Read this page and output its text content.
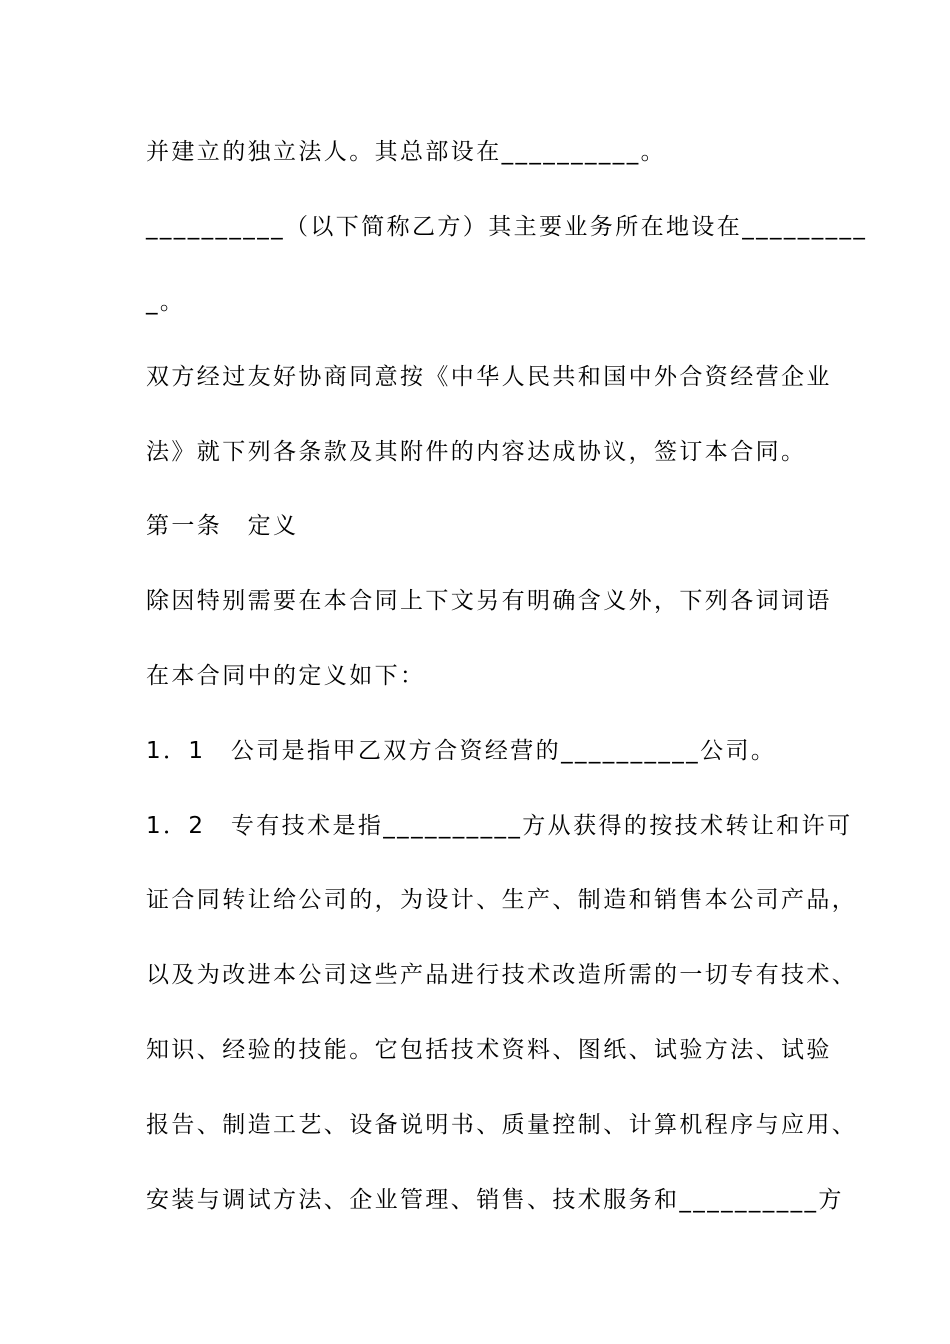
并建立的独立法人。其总部设在__________。
__________（以下简称乙方）其主要业务所在地设在_________
_。
双方经过友好协商同意按《中华人民共和国中外合资经营企业
法》就下列各条款及其附件的内容达成协议，签订本合同。
第一条　定义
除因特别需要在本合同上下文另有明确含义外，下列各词词语
在本合同中的定义如下：
1．1　公司是指甲乙双方合资经营的__________公司。
1．2　专有技术是指__________方从获得的按技术转让和许可
证合同转让给公司的，为设计、生产、制造和销售本公司产品，
以及为改进本公司这些产品进行技术改造所需的一切专有技术、
知识、经验的技能。它包括技术资料、图纸、试验方法、试验
报告、制造工艺、设备说明书、质量控制、计算机程序与应用、
安装与调试方法、企业管理、销售、技术服务和__________方
